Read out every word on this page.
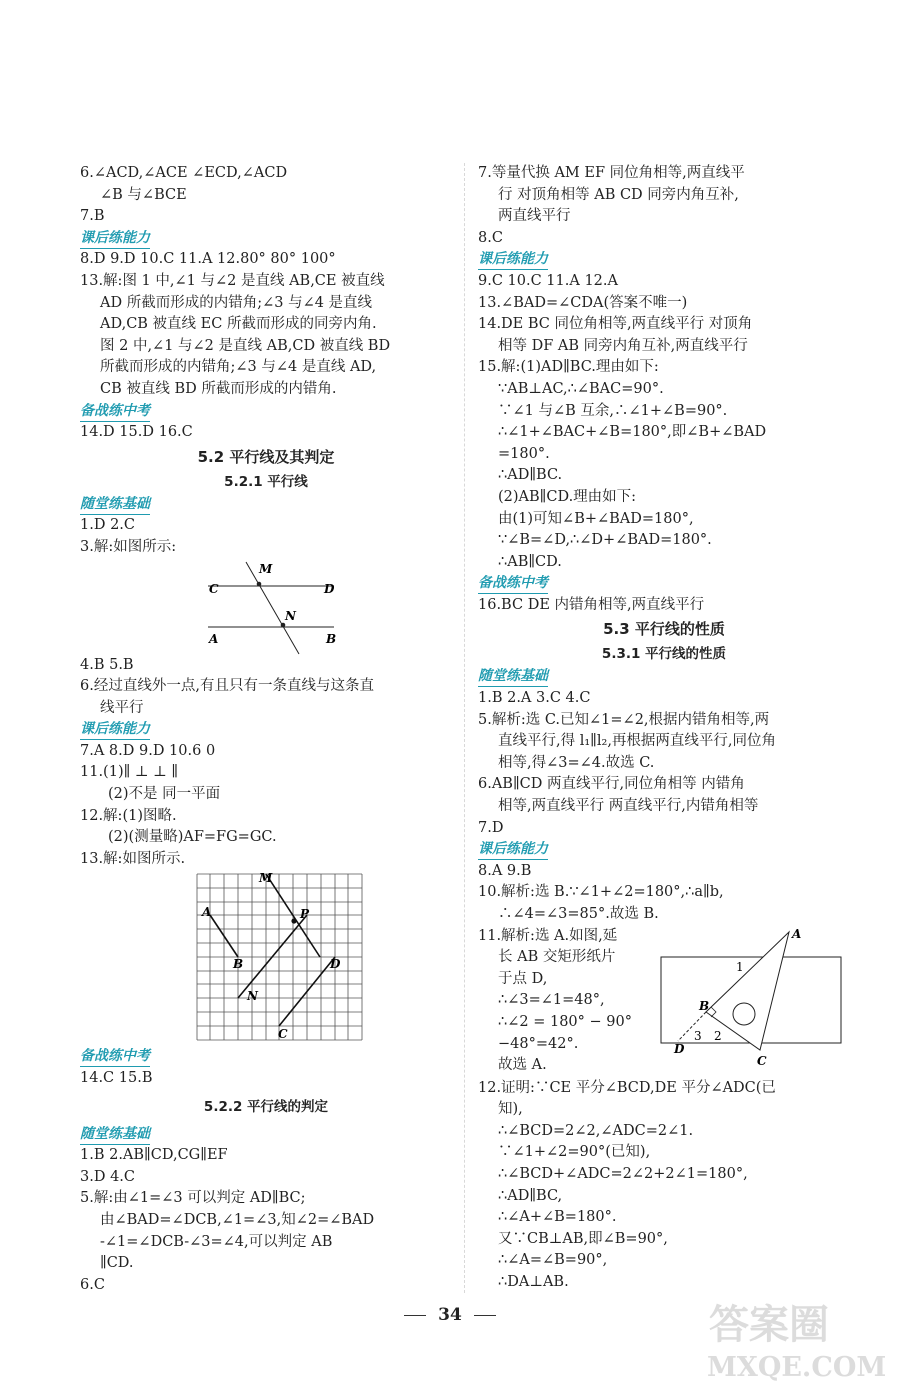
6.∠ACD,∠ACE ∠ECD,∠ACD
∠B 与∠BCE
7.B
课后练能力
8.D 9.D 10.C 11.A 12.80° 80° 100°
13.解:图 1 中,∠1 与∠2 是直线 AB,CE 被直线
AD 所截而形成的内错角;∠3 与∠4 是直线
AD,CB 被直线 EC 所截而形成的同旁内角.
图 2 中,∠1 与∠2 是直线 AB,CD 被直线 BD
所截而形成的内错角;∠3 与∠4 是直线 AD,
CB 被直线 BD 所截而形成的内错角.
备战练中考
14.D 15.D 16.C
5.2 平行线及其判定
5.2.1 平行线
随堂练基础
1.D 2.C
3.解:如图所示:
M
N
C	D
A	B
4.B 5.B
6.经过直线外一点,有且只有一条直线与这条直
线平行
课后练能力
7.A 8.D 9.D 10.6 0
11.(1)∥ ⊥ ⊥ ∥
(2)不是 同一平面
12.解:(1)图略.
(2)(测量略)AF=FG=GC.
13.解:如图所示.
M
A	P
B	D
N
C
备战练中考
14.C 15.B
5.2.2 平行线的判定
随堂练基础
1.B 2.AB∥CD,CG∥EF
3.D 4.C
5.解:由∠1=∠3 可以判定 AD∥BC;
由∠BAD=∠DCB,∠1=∠3,知∠2=∠BAD
-∠1=∠DCB-∠3=∠4,可以判定 AB
∥CD.
6.C
7.等量代换 AM EF 同位角相等,两直线平
行 对顶角相等 AB CD 同旁内角互补,
两直线平行
8.C
课后练能力
9.C 10.C 11.A 12.A
13.∠BAD=∠CDA(答案不唯一)
14.DE BC 同位角相等,两直线平行 对顶角
相等 DF AB 同旁内角互补,两直线平行
15.解:(1)AD∥BC.理由如下:
∵AB⊥AC,∴∠BAC=90°.
∵∠1 与∠B 互余,∴∠1+∠B=90°.
∴∠1+∠BAC+∠B=180°,即∠B+∠BAD
=180°.
∴AD∥BC.
(2)AB∥CD.理由如下:
由(1)可知∠B+∠BAD=180°,
∵∠B=∠D,∴∠D+∠BAD=180°.
∴AB∥CD.
备战练中考
16.BC DE 内错角相等,两直线平行
5.3 平行线的性质
5.3.1 平行线的性质
随堂练基础
1.B 2.A 3.C 4.C
5.解析:选 C.已知∠1=∠2,根据内错角相等,两
直线平行,得 l₁∥l₂,再根据两直线平行,同位角
相等,得∠3=∠4.故选 C.
6.AB∥CD 两直线平行,同位角相等 内错角
相等,两直线平行 两直线平行,内错角相等
7.D
课后练能力
8.A 9.B
10.解析:选 B.∵∠1+∠2=180°,∴a∥b,
∴∠4=∠3=85°.故选 B.
11.解析:选 A.如图,延
长 AB 交矩形纸片
于点 D,
∴∠3=∠1=48°,
∴∠2 = 180° − 90°
−48°=42°.
故选 A.
A
B
C
D
1
2
3
12.证明:∵CE 平分∠BCD,DE 平分∠ADC(已
知),
∴∠BCD=2∠2,∠ADC=2∠1.
∵∠1+∠2=90°(已知),
∴∠BCD+∠ADC=2∠2+2∠1=180°,
∴AD∥BC,
∴∠A+∠B=180°.
又∵CB⊥AB,即∠B=90°,
∴∠A=∠B=90°,
∴DA⊥AB.
34	答案圈
MXQE.COM
